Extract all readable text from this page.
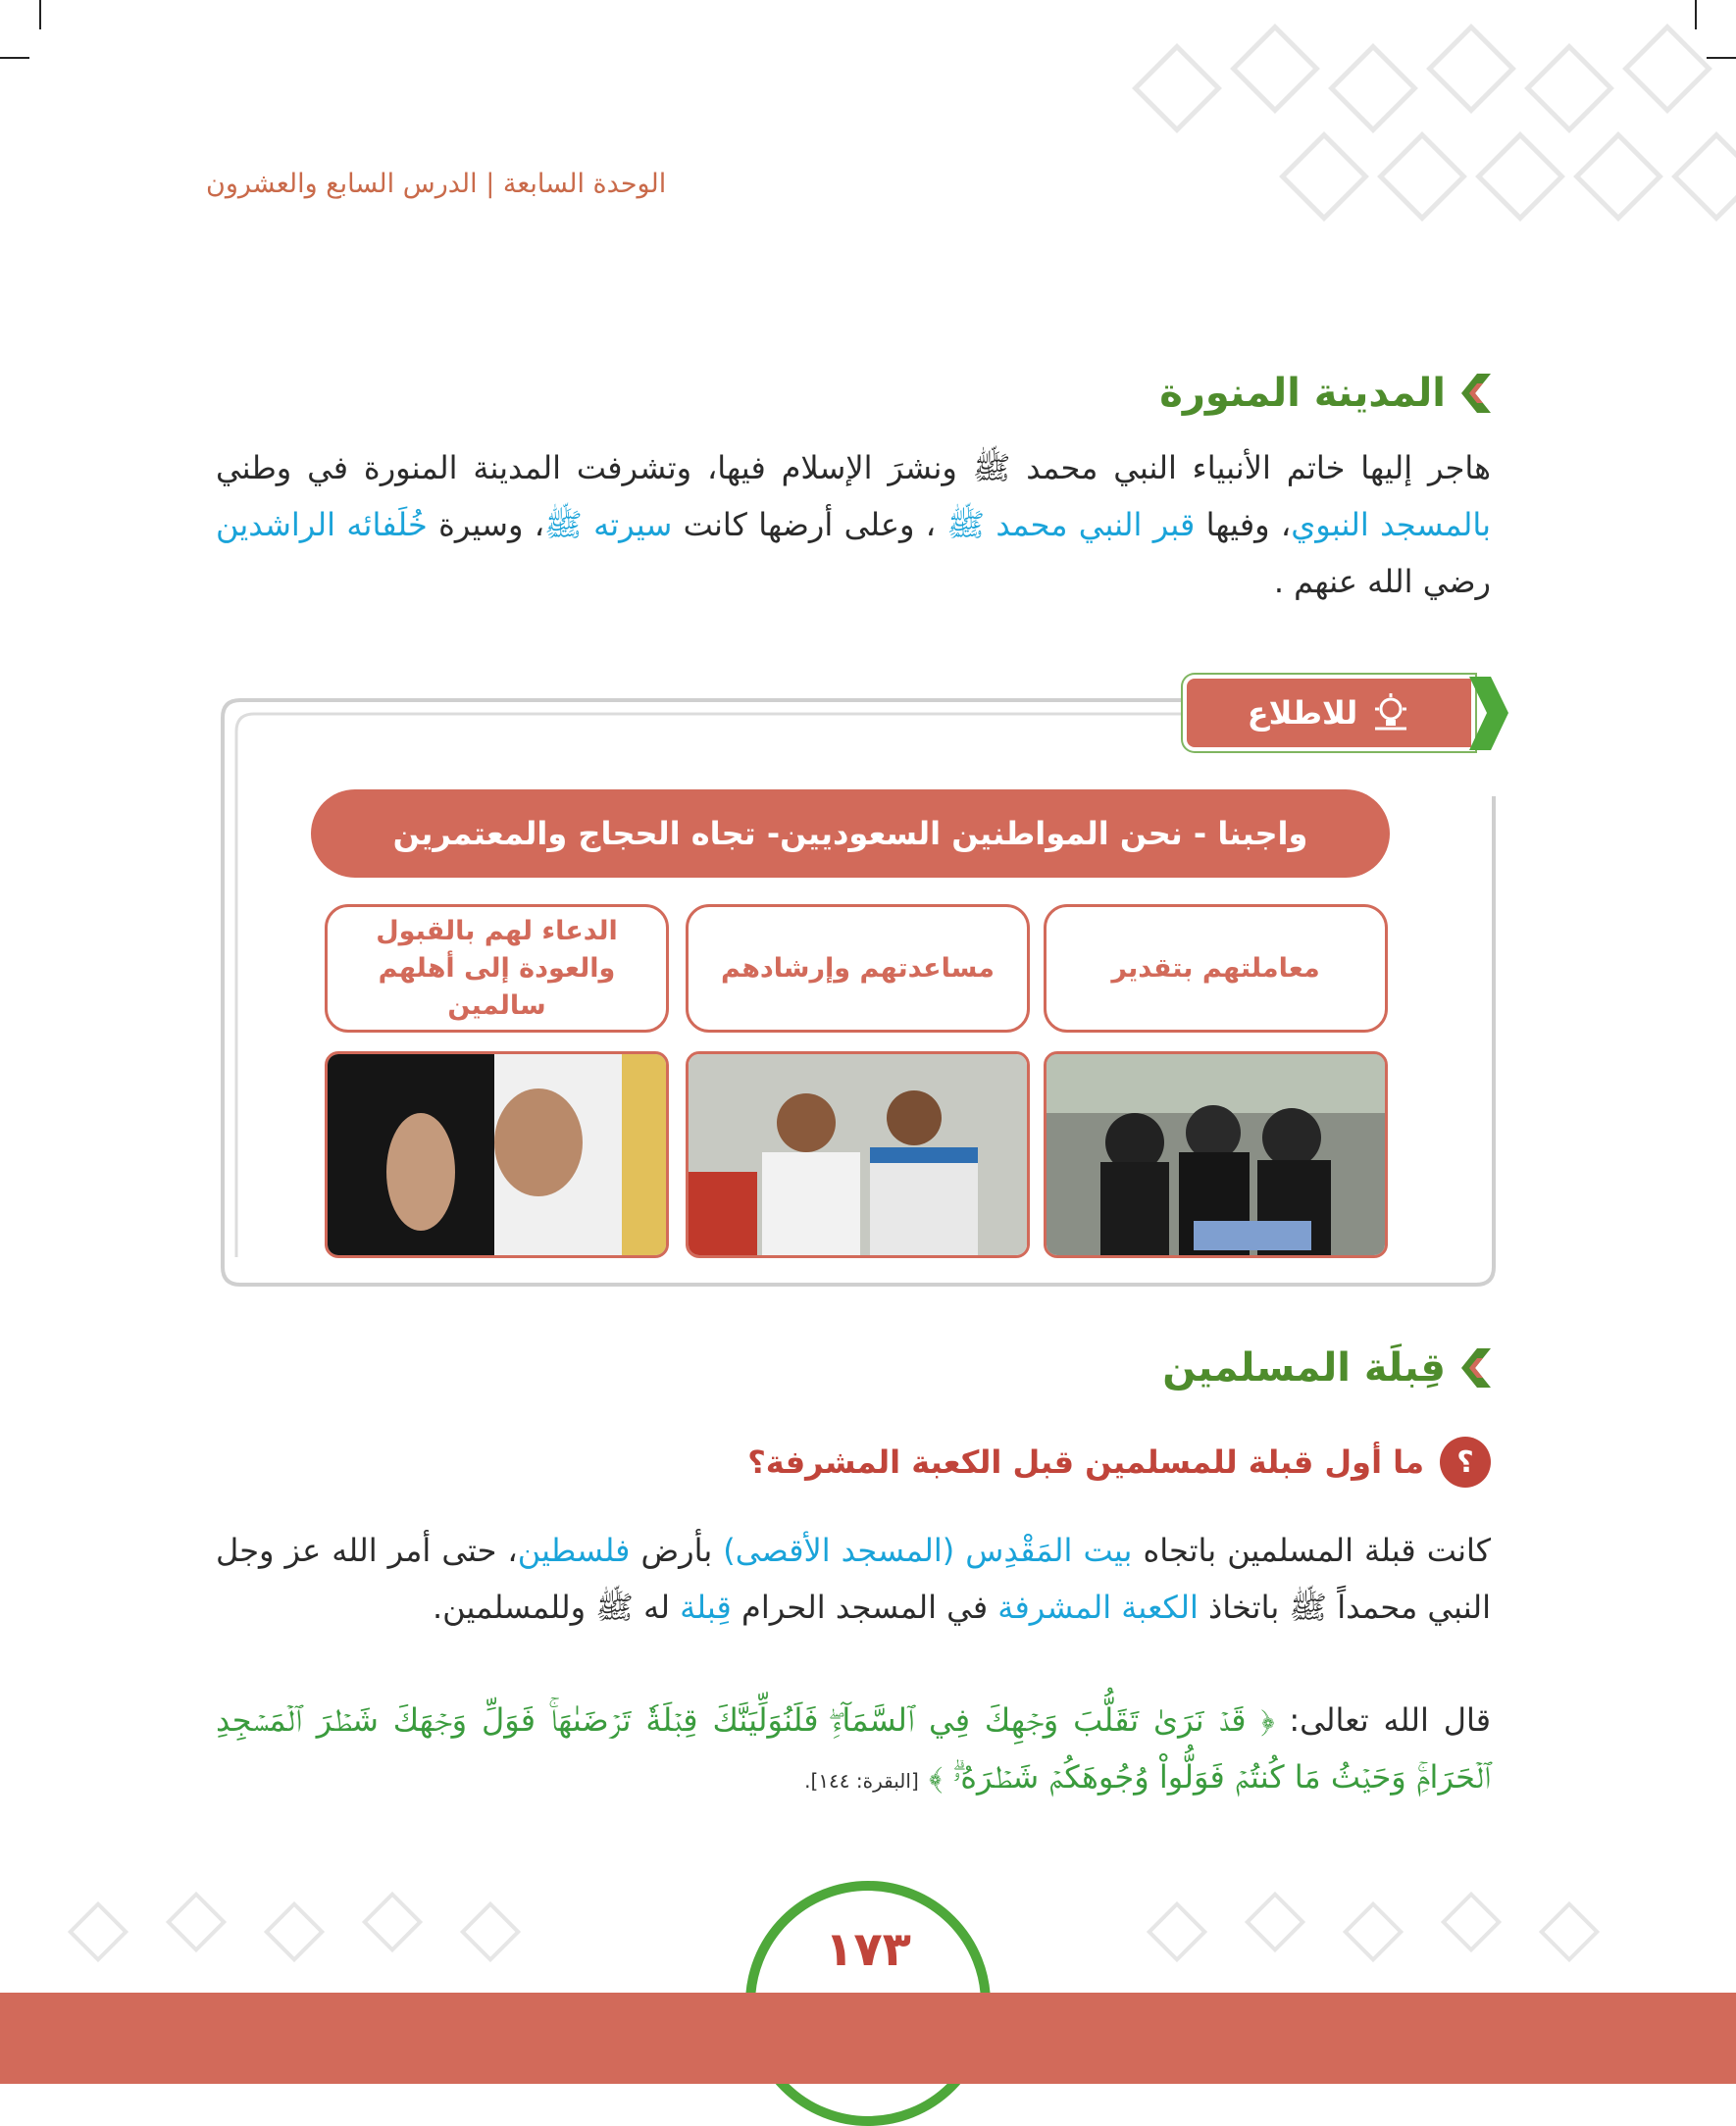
الوحدة السابعة | الدرس السابع والعشرون
المدينة المنورة
هاجر إليها خاتم الأنبياء النبي محمد ﷺ ونشرَ الإسلام فيها، وتشرفت المدينة المنورة في وطني بالمسجد النبوي، وفيها قبر النبي محمد ﷺ ، وعلى أرضها كانت سيرته ﷺ، وسيرة خُلَفائه الراشدين رضي الله عنهم .
للاطلاع
واجبنا - نحن المواطنين السعوديين- تجاه الحجاج والمعتمرين
معاملتهم بتقدير
مساعدتهم وإرشادهم
الدعاء لهم بالقبول والعودة إلى أهلهم سالمين
قِبلَة المسلمين
؟
ما أول قبلة للمسلمين قبل الكعبة المشرفة؟
كانت قبلة المسلمين باتجاه بيت المَقْدِس (المسجد الأقصى) بأرض فلسطين، حتى أمر الله عز وجل النبي محمداً ﷺ باتخاذ الكعبة المشرفة في المسجد الحرام قِبلة له ﷺ وللمسلمين.
قال الله تعالى: ﴿ قَدۡ نَرَىٰ تَقَلُّبَ وَجۡهِكَ فِي ٱلسَّمَآءِۖ فَلَنُوَلِّيَنَّكَ قِبۡلَةٗ تَرۡضَىٰهَاۚ فَوَلِّ وَجۡهَكَ شَطۡرَ ٱلۡمَسۡجِدِ ٱلۡحَرَامِۚ وَحَيۡثُ مَا كُنتُمۡ فَوَلُّواْ وُجُوهَكُمۡ شَطۡرَهُۥۗ ﴾ [البقرة: ١٤٤].
١٧٣
